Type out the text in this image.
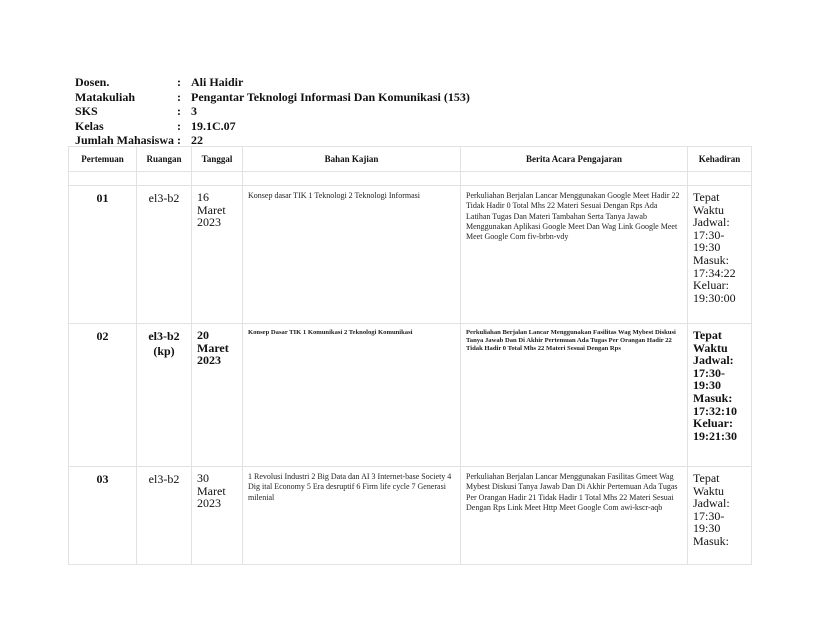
Dosen.	: Ali Haidir
Matakuliah	: Pengantar Teknologi Informasi Dan Komunikasi (153)
SKS	: 3
Kelas	: 19.1C.07
Jumlah Mahasiswa : 22
Pertemuan	Ruangan	Tanggal	Bahan Kajian	Berita Acara Pengajaran	Kehadiran

01	el3-b2	16 Maret 2023	Konsep dasar TIK 1 Teknologi 2 Teknologi Informasi	Perkuliahan Berjalan Lancar Menggunakan Google Meet Hadir 22 Tidak Hadir 0 Total Mhs 22 Materi Sesuai Dengan Rps Ada Latihan Tugas Dan Materi Tambahan Serta Tanya Jawab Menggunakan Aplikasi Google Meet Dan Wag Link Google Meet Meet Google Com fiv-brbn-vdy	Tepat Waktu Jadwal: 17:30-19:30 Masuk: 17:34:22 Keluar: 19:30:00
02	el3-b2 (kp)	20 Maret 2023	Konsep Dasar TIK 1 Komunikasi 2 Teknologi Komunikasi	Perkuliahan Berjalan Lancar Menggunakan Fasilitas Wag Mybest Diskusi Tanya Jawab Dan Di Akhir Pertemuan Ada Tugas Per Orangan Hadir 22 Tidak Hadir 0 Total Mhs 22 Materi Sesuai Dengan Rps	Tepat Waktu Jadwal: 17:30-19:30 Masuk: 17:32:10 Keluar: 19:21:30
03	el3-b2	30 Maret 2023	1 Revolusi Industri 2 Big Data dan AI 3 Internet-base Society 4 Dig ital Economy 5 Era desruptif 6 Firm life cycle 7 Generasi milenial	Perkuliahan Berjalan Lancar Menggunakan Fasilitas Gmeet Wag Mybest Diskusi Tanya Jawab Dan Di Akhir Pertemuan Ada Tugas Per Orangan Hadir 21 Tidak Hadir 1 Total Mhs 22 Materi Sesuai Dengan Rps Link Meet Http Meet Google Com awi-kscr-aqb	Tepat Waktu Jadwal: 17:30-19:30 Masuk:
